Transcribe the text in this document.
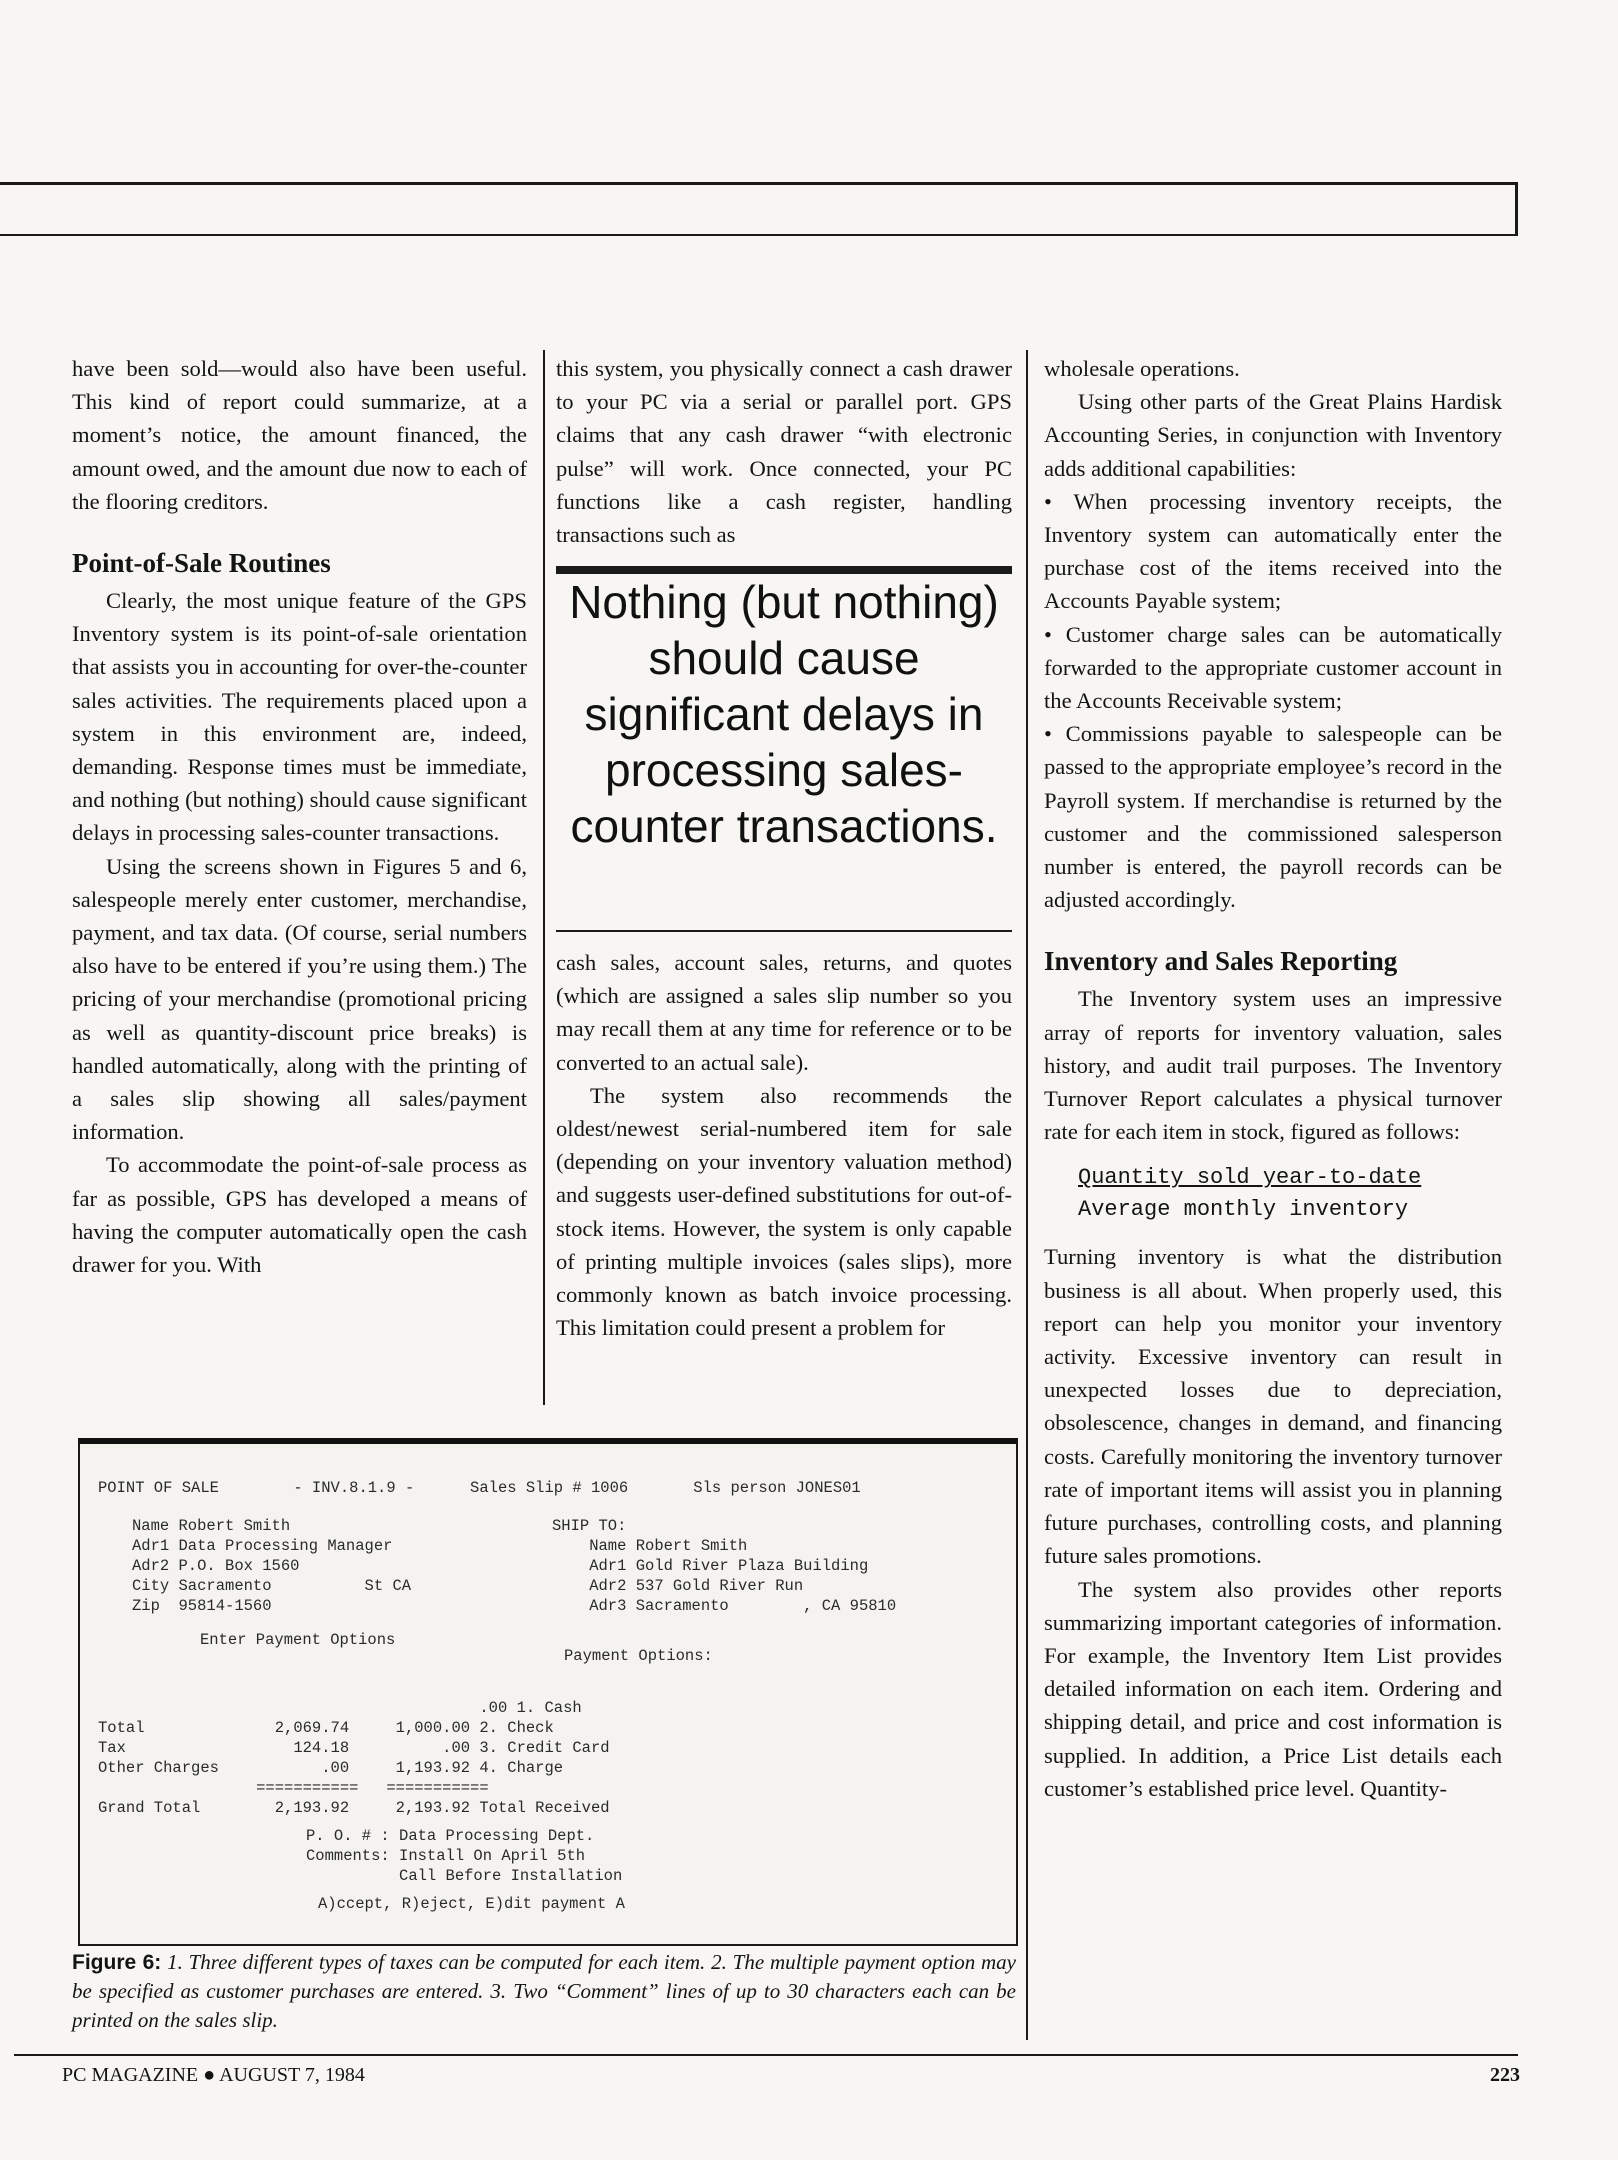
have been sold—would also have been useful. This kind of report could summarize, at a moment’s notice, the amount financed, the amount owed, and the amount due now to each of the flooring creditors.

Point-of-Sale Routines

Clearly, the most unique feature of the GPS Inventory system is its point-of-sale orientation that assists you in accounting for over-the-counter sales activities. The requirements placed upon a system in this environment are, indeed, demanding. Response times must be immediate, and nothing (but nothing) should cause significant delays in processing sales-counter transactions.

Using the screens shown in Figures 5 and 6, salespeople merely enter customer, merchandise, payment, and tax data. (Of course, serial numbers also have to be entered if you’re using them.) The pricing of your merchandise (promotional pricing as well as quantity-discount price breaks) is handled automatically, along with the printing of a sales slip showing all sales/payment information.

To accommodate the point-of-sale process as far as possible, GPS has developed a means of having the computer automatically open the cash drawer for you. With

this system, you physically connect a cash drawer to your PC via a serial or parallel port. GPS claims that any cash drawer “with electronic pulse” will work. Once connected, your PC functions like a cash register, handling transactions such as

Nothing (but nothing) should cause significant delays in processing sales-counter transactions.

cash sales, account sales, returns, and quotes (which are assigned a sales slip number so you may recall them at any time for reference or to be converted to an actual sale).

The system also recommends the oldest/newest serial-numbered item for sale (depending on your inventory valuation method) and suggests user-defined substitutions for out-of-stock items. However, the system is only capable of printing multiple invoices (sales slips), more commonly known as batch invoice processing. This limitation could present a problem for

wholesale operations.

Using other parts of the Great Plains Hardisk Accounting Series, in conjunction with Inventory adds additional capabilities:

• When processing inventory receipts, the Inventory system can automatically enter the purchase cost of the items received into the Accounts Payable system;

• Customer charge sales can be automatically forwarded to the appropriate customer account in the Accounts Receivable system;

• Commissions payable to salespeople can be passed to the appropriate employee’s record in the Payroll system. If merchandise is returned by the customer and the commissioned salesperson number is entered, the payroll records can be adjusted accordingly.

Inventory and Sales Reporting

The Inventory system uses an impressive array of reports for inventory valuation, sales history, and audit trail purposes. The Inventory Turnover Report calculates a physical turnover rate for each item in stock, figured as follows:

Quantity sold year-to-date
Average monthly inventory

Turning inventory is what the distribution business is all about. When properly used, this report can help you monitor your inventory activity. Excessive inventory can result in unexpected losses due to depreciation, obsolescence, changes in demand, and financing costs. Carefully monitoring the inventory turnover rate of important items will assist you in planning future purchases, controlling costs, and planning future sales promotions.

The system also provides other reports summarizing important categories of information. For example, the Inventory Item List provides detailed information on each item. Ordering and shipping detail, and price and cost information is supplied. In addition, a Price List details each customer’s established price level. Quantity-

POINT OF SALE        - INV.8.1.9 -      Sales Slip # 1006       Sls person JONES01
Name Robert Smith
Adr1 Data Processing Manager
Adr2 P.O. Box 1560
City Sacramento          St CA
Zip  95814-1560
SHIP TO:
Name Robert Smith
Adr1 Gold River Plaza Building
Adr2 537 Gold River Run
Adr3 Sacramento        , CA 95810
Enter Payment Options
Payment Options:
.00 1. Cash
Total              2,069.74     1,000.00 2. Check
Tax                  124.18          .00 3. Credit Card
Other Charges           .00     1,193.92 4. Charge
===========   ===========
Grand Total        2,193.92     2,193.92 Total Received
P. O. # : Data Processing Dept.
Comments: Install On April 5th
Call Before Installation
A)ccept, R)eject, E)dit payment A
Figure 6: 1. Three different types of taxes can be computed for each item. 2. The multiple payment option may be specified as customer purchases are entered. 3. Two “Comment” lines of up to 30 characters each can be printed on the sales slip.
PC MAGAZINE ● AUGUST 7, 1984	223
